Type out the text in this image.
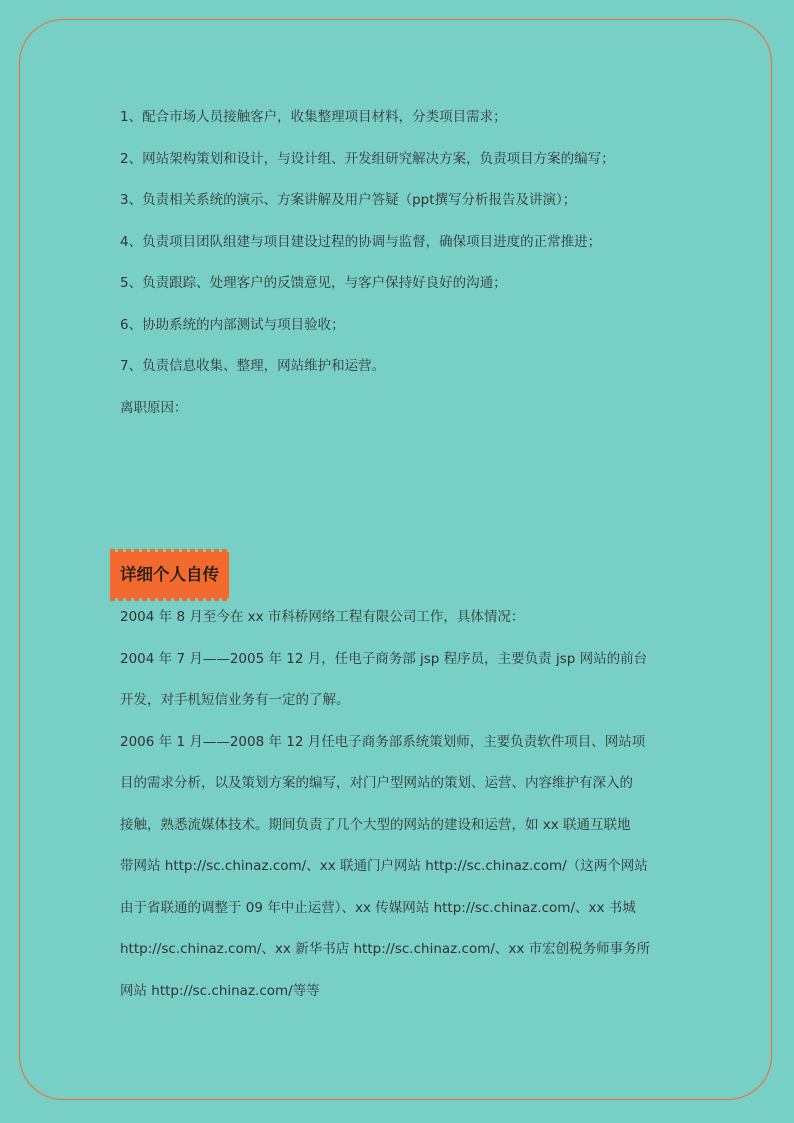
1、配合市场人员接触客户，收集整理项目材料，分类项目需求；
2、网站架构策划和设计，与设计组、开发组研究解决方案，负责项目方案的编写；
3、负责相关系统的演示、方案讲解及用户答疑（ppt撰写分析报告及讲演）；
4、负责项目团队组建与项目建设过程的协调与监督，确保项目进度的正常推进；
5、负责跟踪、处理客户的反馈意见，与客户保持好良好的沟通；
6、协助系统的内部测试与项目验收；
7、负责信息收集、整理，网站维护和运营。
离职原因：
详细个人自传
2004 年 8 月至今在 xx 市科桥网络工程有限公司工作，具体情况：
2004 年 7 月——2005 年 12 月，任电子商务部 jsp 程序员，主要负责 jsp 网站的前台
开发，对手机短信业务有一定的了解。
2006 年 1 月——2008 年 12 月任电子商务部系统策划师，主要负责软件项目、网站项
目的需求分析，以及策划方案的编写，对门户型网站的策划、运营、内容维护有深入的
接触，熟悉流媒体技术。期间负责了几个大型的网站的建设和运营，如 xx 联通互联地
带网站 http://sc.chinaz.com/、xx 联通门户网站 http://sc.chinaz.com/（这两个网站
由于省联通的调整于 09 年中止运营）、xx 传媒网站 http://sc.chinaz.com/、xx 书城
http://sc.chinaz.com/、xx 新华书店 http://sc.chinaz.com/、xx 市宏创税务师事务所
网站 http://sc.chinaz.com/等等
